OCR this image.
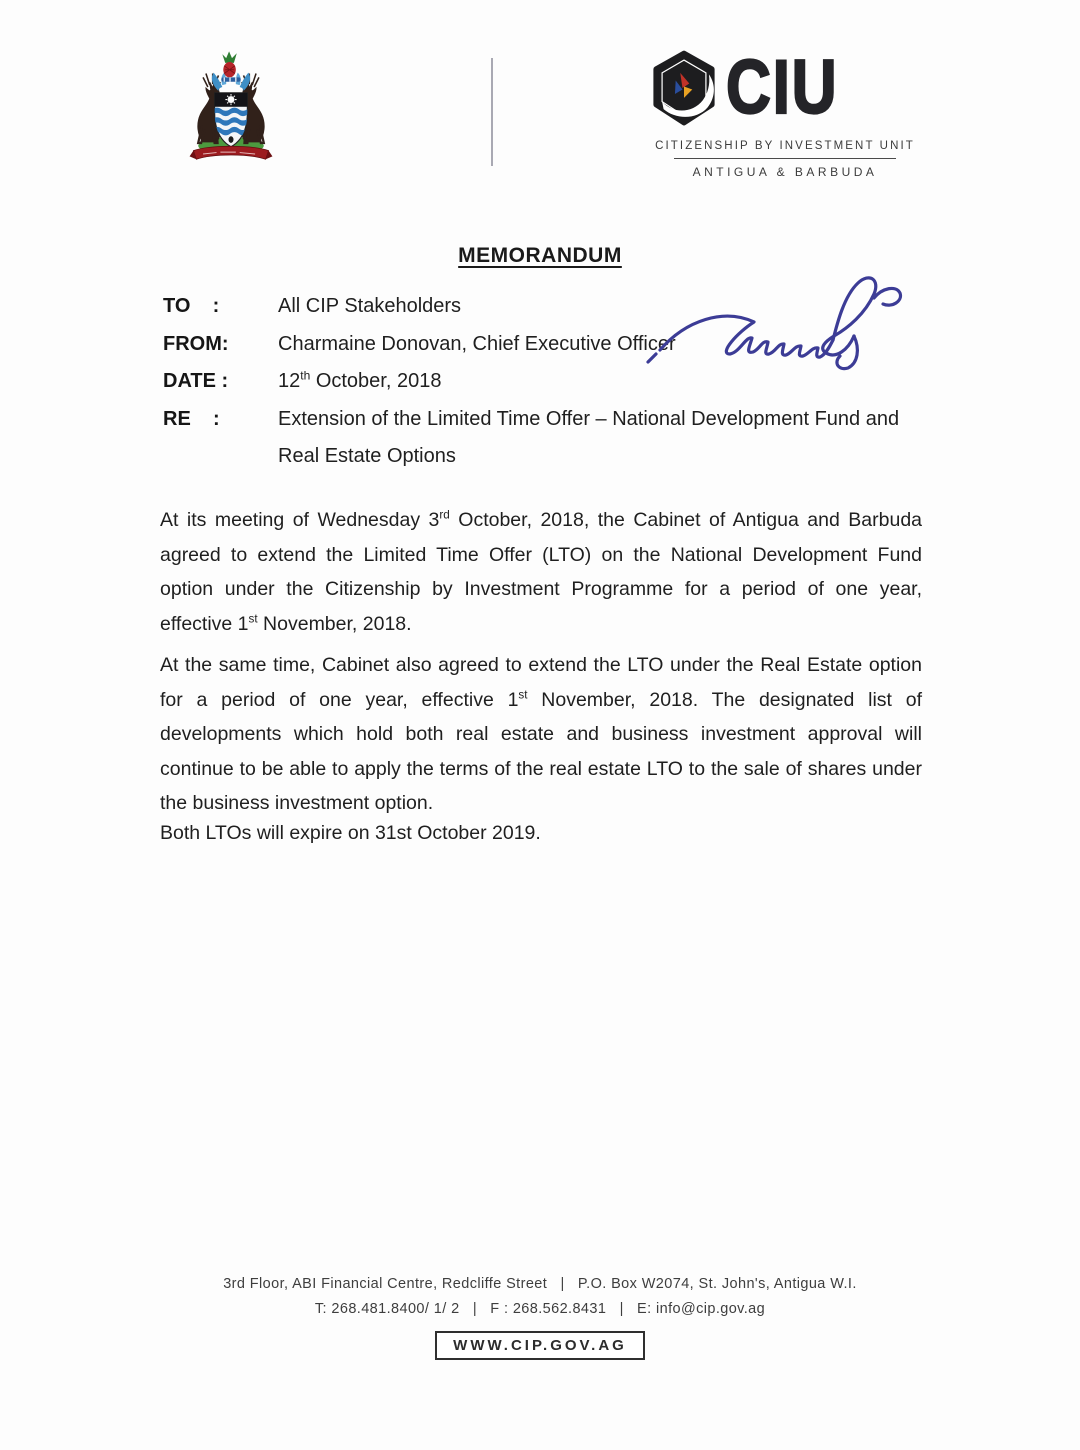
CIU
CITIZENSHIP BY INVESTMENT UNIT
ANTIGUA & BARBUDA
MEMORANDUM
TO    :	All CIP Stakeholders
FROM: Charmaine Donovan, Chief Executive Officer
DATE : 12th October, 2018
RE    :	Extension of the Limited Time Offer – National Development Fund and
Real Estate Options
At its meeting of Wednesday 3rd October, 2018, the Cabinet of Antigua and Barbuda agreed to extend the Limited Time Offer (LTO) on the National Development Fund option under the Citizenship by Investment Programme for a period of one year, effective 1st November, 2018.
At the same time, Cabinet also agreed to extend the LTO under the Real Estate option for a period of one year, effective 1st November, 2018. The designated list of developments which hold both real estate and business investment approval will continue to be able to apply the terms of the real estate LTO to the sale of shares under the business investment option.
Both LTOs will expire on 31st October 2019.
3rd Floor, ABI Financial Centre, Redcliffe Street   |   P.O. Box W2074, St. John's, Antigua W.I.
T: 268.481.8400/ 1/ 2   |   F : 268.562.8431   |   E: info@cip.gov.ag
WWW.CIP.GOV.AG
